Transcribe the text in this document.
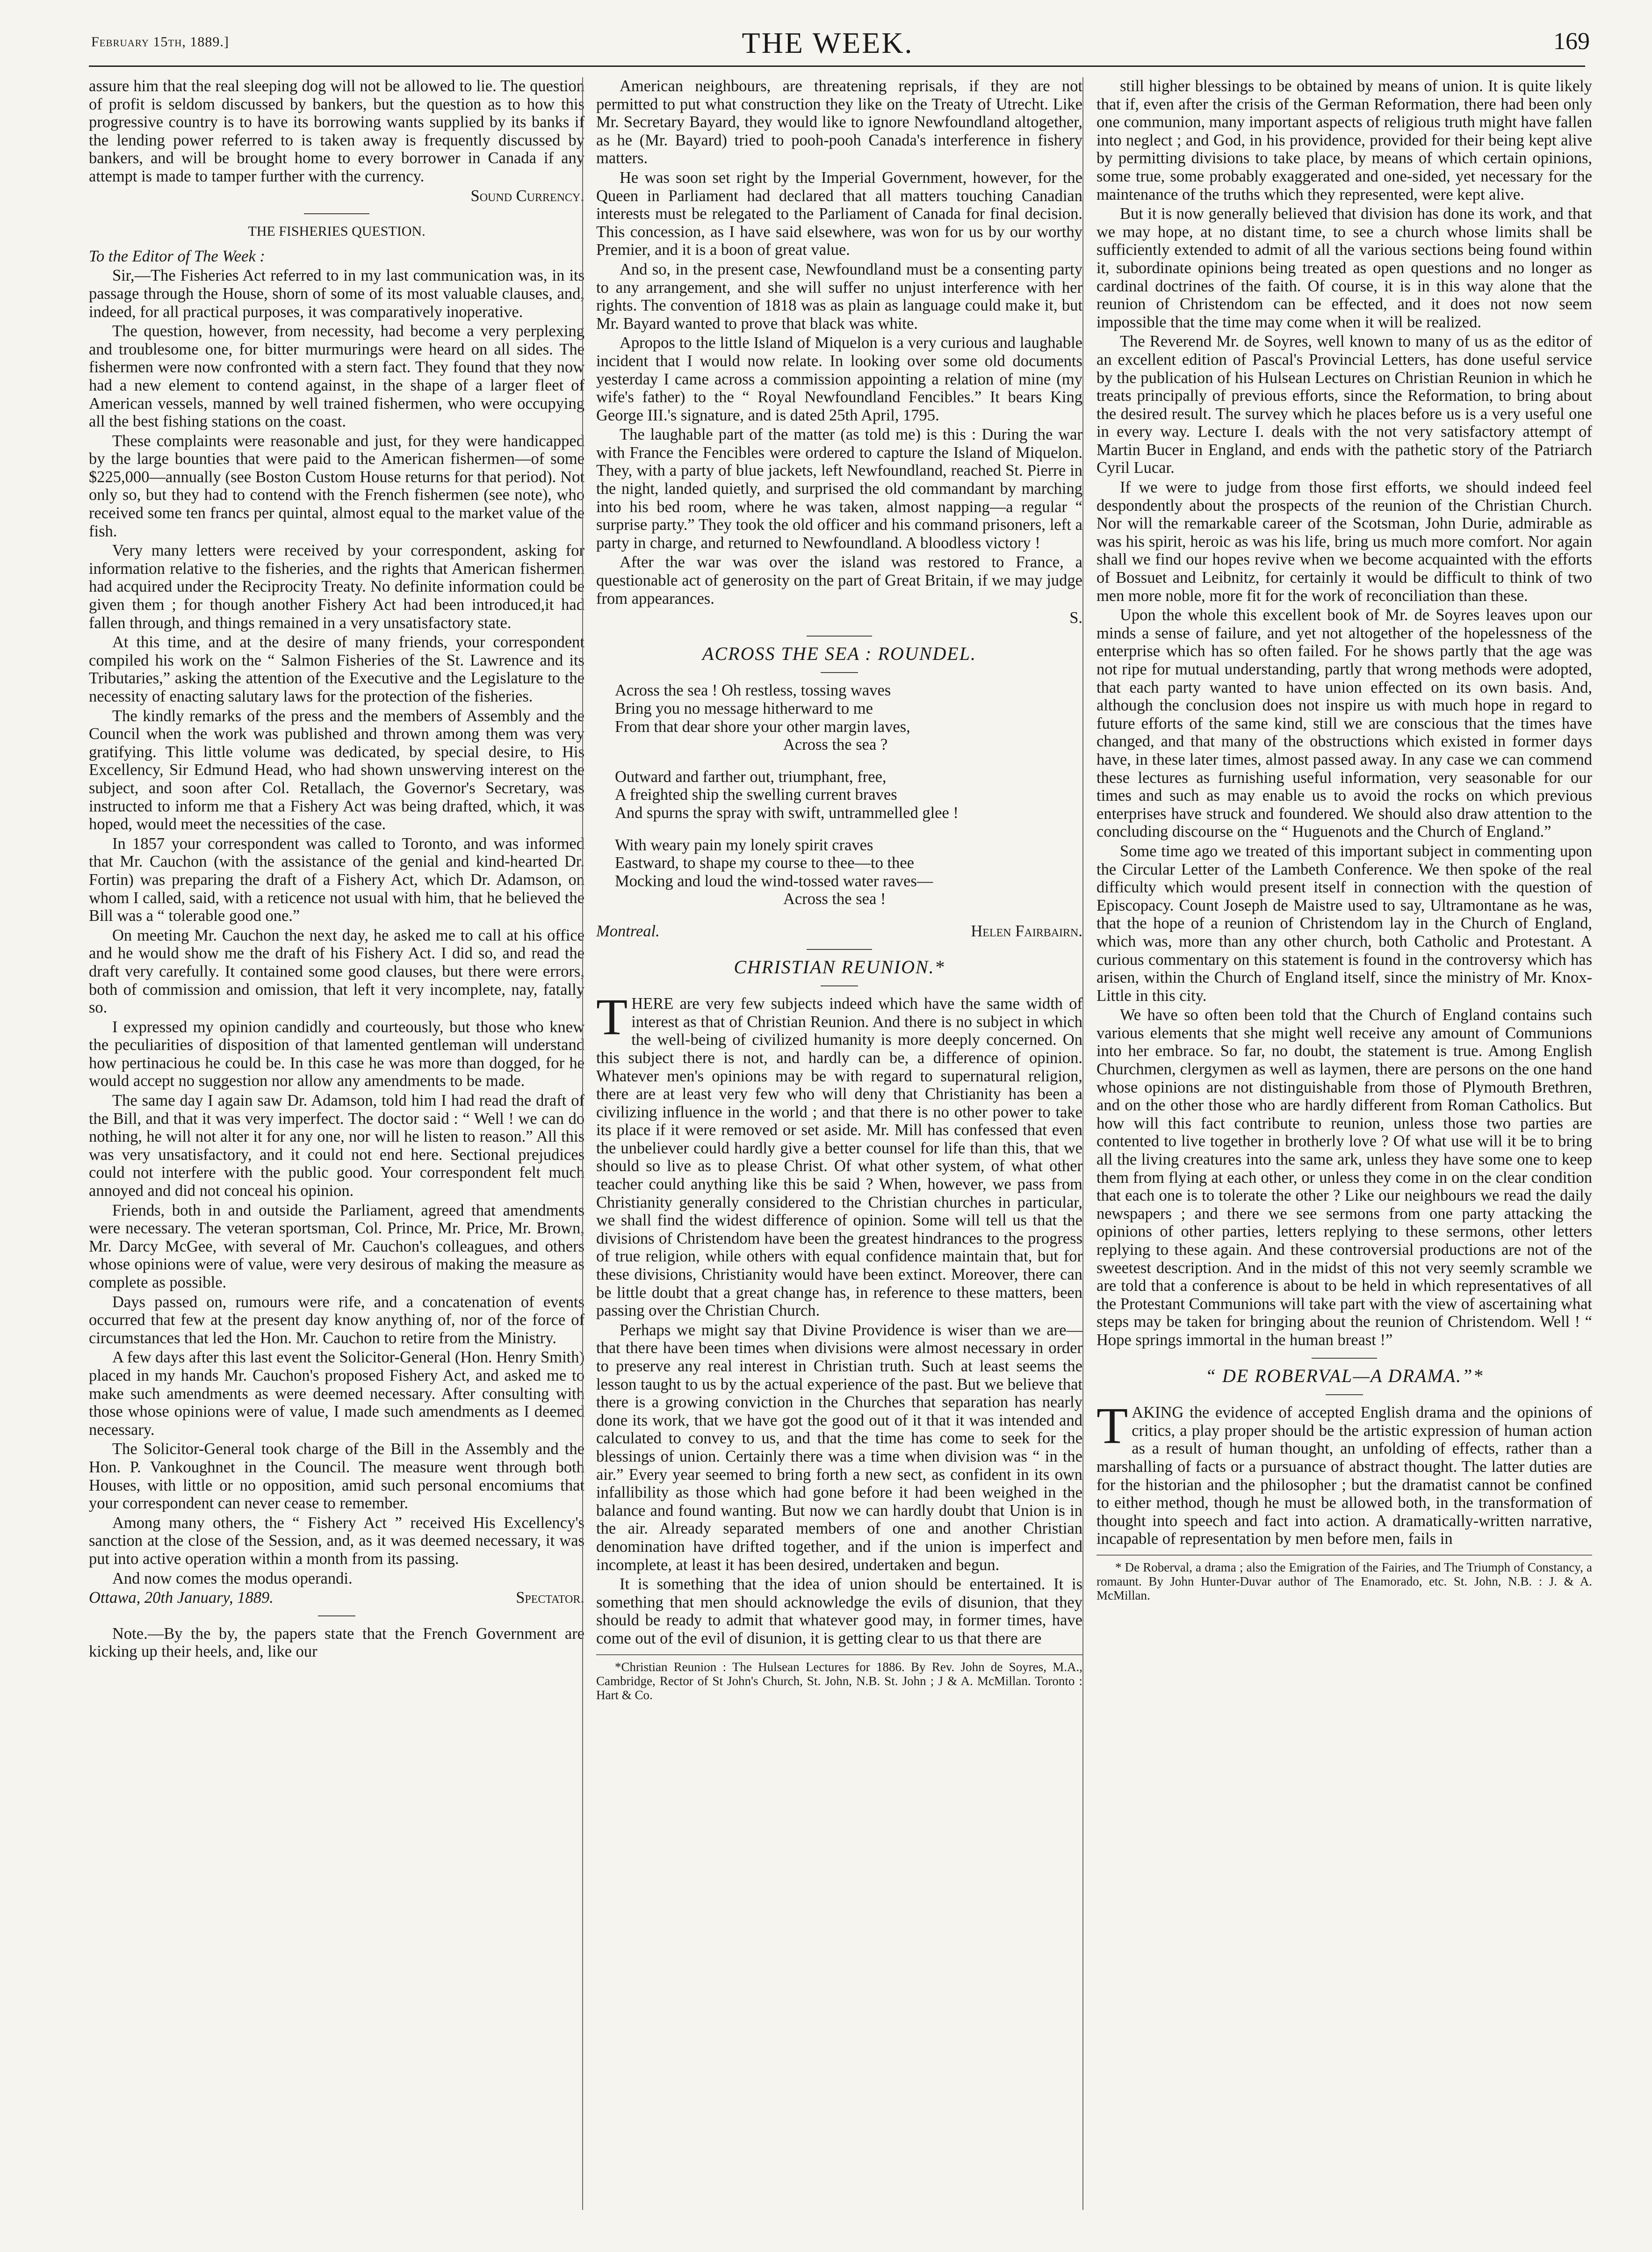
February 15th, 1889.]	THE WEEK.	169

assure him that the real sleeping dog will not be allowed to lie. The question of profit is seldom discussed by bankers, but the question as to how this progressive country is to have its borrowing wants supplied by its banks if the lending power referred to is taken away is frequently discussed by bankers, and will be brought home to every borrower in Canada if any attempt is made to tamper further with the currency.

Sound Currency.
THE FISHERIES QUESTION.

To the Editor of The Week :

Sir,—The Fisheries Act referred to in my last communication was, in its passage through the House, shorn of some of its most valuable clauses, and, indeed, for all practical purposes, it was comparatively inoperative.

The question, however, from necessity, had become a very perplexing and troublesome one, for bitter murmurings were heard on all sides. The fishermen were now confronted with a stern fact. They found that they now had a new element to contend against, in the shape of a larger fleet of American vessels, manned by well trained fishermen, who were occupying all the best fishing stations on the coast.

These complaints were reasonable and just, for they were handicapped by the large bounties that were paid to the American fishermen—of some $225,000—annually (see Boston Custom House returns for that period). Not only so, but they had to contend with the French fishermen (see note), who received some ten francs per quintal, almost equal to the market value of the fish.

Very many letters were received by your correspondent, asking for information relative to the fisheries, and the rights that American fishermen had acquired under the Reciprocity Treaty. No definite information could be given them ; for though another Fishery Act had been introduced,it had fallen through, and things remained in a very unsatisfactory state.

At this time, and at the desire of many friends, your correspondent compiled his work on the “ Salmon Fisheries of the St. Lawrence and its Tributaries,” asking the attention of the Executive and the Legislature to the necessity of enacting salutary laws for the protection of the fisheries.

The kindly remarks of the press and the members of Assembly and the Council when the work was published and thrown among them was very gratifying. This little volume was dedicated, by special desire, to His Excellency, Sir Edmund Head, who had shown unswerving interest on the subject, and soon after Col. Retallach, the Governor's Secretary, was instructed to inform me that a Fishery Act was being drafted, which, it was hoped, would meet the necessities of the case.

In 1857 your correspondent was called to Toronto, and was informed that Mr. Cauchon (with the assistance of the genial and kind-hearted Dr. Fortin) was preparing the draft of a Fishery Act, which Dr. Adamson, on whom I called, said, with a reticence not usual with him, that he believed the Bill was a “ tolerable good one.”

On meeting Mr. Cauchon the next day, he asked me to call at his office and he would show me the draft of his Fishery Act. I did so, and read the draft very carefully. It contained some good clauses, but there were errors, both of commission and omission, that left it very incomplete, nay, fatally so.

I expressed my opinion candidly and courteously, but those who knew the peculiarities of disposition of that lamented gentleman will understand how pertinacious he could be. In this case he was more than dogged, for he would accept no suggestion nor allow any amendments to be made.

The same day I again saw Dr. Adamson, told him I had read the draft of the Bill, and that it was very imperfect. The doctor said : “ Well ! we can do nothing, he will not alter it for any one, nor will he listen to reason.” All this was very unsatisfactory, and it could not end here. Sectional prejudices could not interfere with the public good. Your correspondent felt much annoyed and did not conceal his opinion.

Friends, both in and outside the Parliament, agreed that amendments were necessary. The veteran sportsman, Col. Prince, Mr. Price, Mr. Brown, Mr. Darcy McGee, with several of Mr. Cauchon's colleagues, and others whose opinions were of value, were very desirous of making the measure as complete as possible.

Days passed on, rumours were rife, and a concatenation of events occurred that few at the present day know anything of, nor of the force of circumstances that led the Hon. Mr. Cauchon to retire from the Ministry.

A few days after this last event the Solicitor-General (Hon. Henry Smith) placed in my hands Mr. Cauchon's proposed Fishery Act, and asked me to make such amendments as were deemed necessary. After consulting with those whose opinions were of value, I made such amendments as I deemed necessary.

The Solicitor-General took charge of the Bill in the Assembly and the Hon. P. Vankoughnet in the Council. The measure went through both Houses, with little or no opposition, amid such personal encomiums that your correspondent can never cease to remember.

Among many others, the “ Fishery Act ” received His Excellency's sanction at the close of the Session, and, as it was deemed necessary, it was put into active operation within a month from its passing.

And now comes the modus operandi.

Ottawa, 20th January, 1889.	Spectator.

Note.—By the by, the papers state that the French Government are kicking up their heels, and, like our

American neighbours, are threatening reprisals, if they are not permitted to put what construction they like on the Treaty of Utrecht. Like Mr. Secretary Bayard, they would like to ignore Newfoundland altogether, as he (Mr. Bayard) tried to pooh-pooh Canada's interference in fishery matters.

He was soon set right by the Imperial Government, however, for the Queen in Parliament had declared that all matters touching Canadian interests must be relegated to the Parliament of Canada for final decision. This concession, as I have said elsewhere, was won for us by our worthy Premier, and it is a boon of great value.

And so, in the present case, Newfoundland must be a consenting party to any arrangement, and she will suffer no unjust interference with her rights. The convention of 1818 was as plain as language could make it, but Mr. Bayard wanted to prove that black was white.

Apropos to the little Island of Miquelon is a very curious and laughable incident that I would now relate. In looking over some old documents yesterday I came across a commission appointing a relation of mine (my wife's father) to the “ Royal Newfoundland Fencibles.” It bears King George III.'s signature, and is dated 25th April, 1795.

The laughable part of the matter (as told me) is this : During the war with France the Fencibles were ordered to capture the Island of Miquelon. They, with a party of blue jackets, left Newfoundland, reached St. Pierre in the night, landed quietly, and surprised the old commandant by marching into his bed room, where he was taken, almost napping—a regular “ surprise party.” They took the old officer and his command prisoners, left a party in charge, and returned to Newfoundland. A bloodless victory !

After the war was over the island was restored to France, a questionable act of generosity on the part of Great Britain, if we may judge from appearances.

S.
ACROSS THE SEA : ROUNDEL.
Across the sea ! Oh restless, tossing waves
Bring you no message hitherward to me
From that dear shore your other margin laves,
Across the sea ?
Outward and farther out, triumphant, free,
A freighted ship the swelling current braves
And spurns the spray with swift, untrammelled glee !
With weary pain my lonely spirit craves
Eastward, to shape my course to thee—to thee
Mocking and loud the wind-tossed water raves—
Across the sea !
Montreal.	Helen Fairbairn.
CHRISTIAN REUNION.*

THERE are very few subjects indeed which have the same width of interest as that of Christian Reunion. And there is no subject in which the well-being of civilized humanity is more deeply concerned. On this subject there is not, and hardly can be, a difference of opinion. Whatever men's opinions may be with regard to supernatural religion, there are at least very few who will deny that Christianity has been a civilizing influence in the world ; and that there is no other power to take its place if it were removed or set aside. Mr. Mill has confessed that even the unbeliever could hardly give a better counsel for life than this, that we should so live as to please Christ. Of what other system, of what other teacher could anything like this be said ? When, however, we pass from Christianity generally considered to the Christian churches in particular, we shall find the widest difference of opinion. Some will tell us that the divisions of Christendom have been the greatest hindrances to the progress of true religion, while others with equal confidence maintain that, but for these divisions, Christianity would have been extinct. Moreover, there can be little doubt that a great change has, in reference to these matters, been passing over the Christian Church.

Perhaps we might say that Divine Providence is wiser than we are—that there have been times when divisions were almost necessary in order to preserve any real interest in Christian truth. Such at least seems the lesson taught to us by the actual experience of the past. But we believe that there is a growing conviction in the Churches that separation has nearly done its work, that we have got the good out of it that it was intended and calculated to convey to us, and that the time has come to seek for the blessings of union. Certainly there was a time when division was “ in the air.” Every year seemed to bring forth a new sect, as confident in its own infallibility as those which had gone before it had been weighed in the balance and found wanting. But now we can hardly doubt that Union is in the air. Already separated members of one and another Christian denomination have drifted together, and if the union is imperfect and incomplete, at least it has been desired, undertaken and begun.

It is something that the idea of union should be entertained. It is something that men should acknowledge the evils of disunion, that they should be ready to admit that whatever good may, in former times, have come out of the evil of disunion, it is getting clear to us that there are

*Christian Reunion : The Hulsean Lectures for 1886. By Rev. John de Soyres, M.A., Cambridge, Rector of St John's Church, St. John, N.B. St. John ; J & A. McMillan. Toronto : Hart & Co.

still higher blessings to be obtained by means of union. It is quite likely that if, even after the crisis of the German Reformation, there had been only one communion, many important aspects of religious truth might have fallen into neglect ; and God, in his providence, provided for their being kept alive by permitting divisions to take place, by means of which certain opinions, some true, some probably exaggerated and one-sided, yet necessary for the maintenance of the truths which they represented, were kept alive.

But it is now generally believed that division has done its work, and that we may hope, at no distant time, to see a church whose limits shall be sufficiently extended to admit of all the various sections being found within it, subordinate opinions being treated as open questions and no longer as cardinal doctrines of the faith. Of course, it is in this way alone that the reunion of Christendom can be effected, and it does not now seem impossible that the time may come when it will be realized.

The Reverend Mr. de Soyres, well known to many of us as the editor of an excellent edition of Pascal's Provincial Letters, has done useful service by the publication of his Hulsean Lectures on Christian Reunion in which he treats principally of previous efforts, since the Reformation, to bring about the desired result. The survey which he places before us is a very useful one in every way. Lecture I. deals with the not very satisfactory attempt of Martin Bucer in England, and ends with the pathetic story of the Patriarch Cyril Lucar.

If we were to judge from those first efforts, we should indeed feel despondently about the prospects of the reunion of the Christian Church. Nor will the remarkable career of the Scotsman, John Durie, admirable as was his spirit, heroic as was his life, bring us much more comfort. Nor again shall we find our hopes revive when we become acquainted with the efforts of Bossuet and Leibnitz, for certainly it would be difficult to think of two men more noble, more fit for the work of reconciliation than these.

Upon the whole this excellent book of Mr. de Soyres leaves upon our minds a sense of failure, and yet not altogether of the hopelessness of the enterprise which has so often failed. For he shows partly that the age was not ripe for mutual understanding, partly that wrong methods were adopted, that each party wanted to have union effected on its own basis. And, although the conclusion does not inspire us with much hope in regard to future efforts of the same kind, still we are conscious that the times have changed, and that many of the obstructions which existed in former days have, in these later times, almost passed away. In any case we can commend these lectures as furnishing useful information, very seasonable for our times and such as may enable us to avoid the rocks on which previous enterprises have struck and foundered. We should also draw attention to the concluding discourse on the “ Huguenots and the Church of England.”

Some time ago we treated of this important subject in commenting upon the Circular Letter of the Lambeth Conference. We then spoke of the real difficulty which would present itself in connection with the question of Episcopacy. Count Joseph de Maistre used to say, Ultramontane as he was, that the hope of a reunion of Christendom lay in the Church of England, which was, more than any other church, both Catholic and Protestant. A curious commentary on this statement is found in the controversy which has arisen, within the Church of England itself, since the ministry of Mr. Knox-Little in this city.

We have so often been told that the Church of England contains such various elements that she might well receive any amount of Communions into her embrace. So far, no doubt, the statement is true. Among English Churchmen, clergymen as well as laymen, there are persons on the one hand whose opinions are not distinguishable from those of Plymouth Brethren, and on the other those who are hardly different from Roman Catholics. But how will this fact contribute to reunion, unless those two parties are contented to live together in brotherly love ? Of what use will it be to bring all the living creatures into the same ark, unless they have some one to keep them from flying at each other, or unless they come in on the clear condition that each one is to tolerate the other ? Like our neighbours we read the daily newspapers ; and there we see sermons from one party attacking the opinions of other parties, letters replying to these sermons, other letters replying to these again. And these controversial productions are not of the sweetest description. And in the midst of this not very seemly scramble we are told that a conference is about to be held in which representatives of all the Protestant Communions will take part with the view of ascertaining what steps may be taken for bringing about the reunion of Christendom. Well ! “ Hope springs immortal in the human breast !”

“ DE ROBERVAL—A DRAMA.”*

TAKING the evidence of accepted English drama and the opinions of critics, a play proper should be the artistic expression of human action as a result of human thought, an unfolding of effects, rather than a marshalling of facts or a pursuance of abstract thought. The latter duties are for the historian and the philosopher ; but the dramatist cannot be confined to either method, though he must be allowed both, in the transformation of thought into speech and fact into action. A dramatically-written narrative, incapable of representation by men before men, fails in

* De Roberval, a drama ; also the Emigration of the Fairies, and The Triumph of Constancy, a romaunt. By John Hunter-Duvar author of The Enamorado, etc. St. John, N.B. : J. & A. McMillan.
